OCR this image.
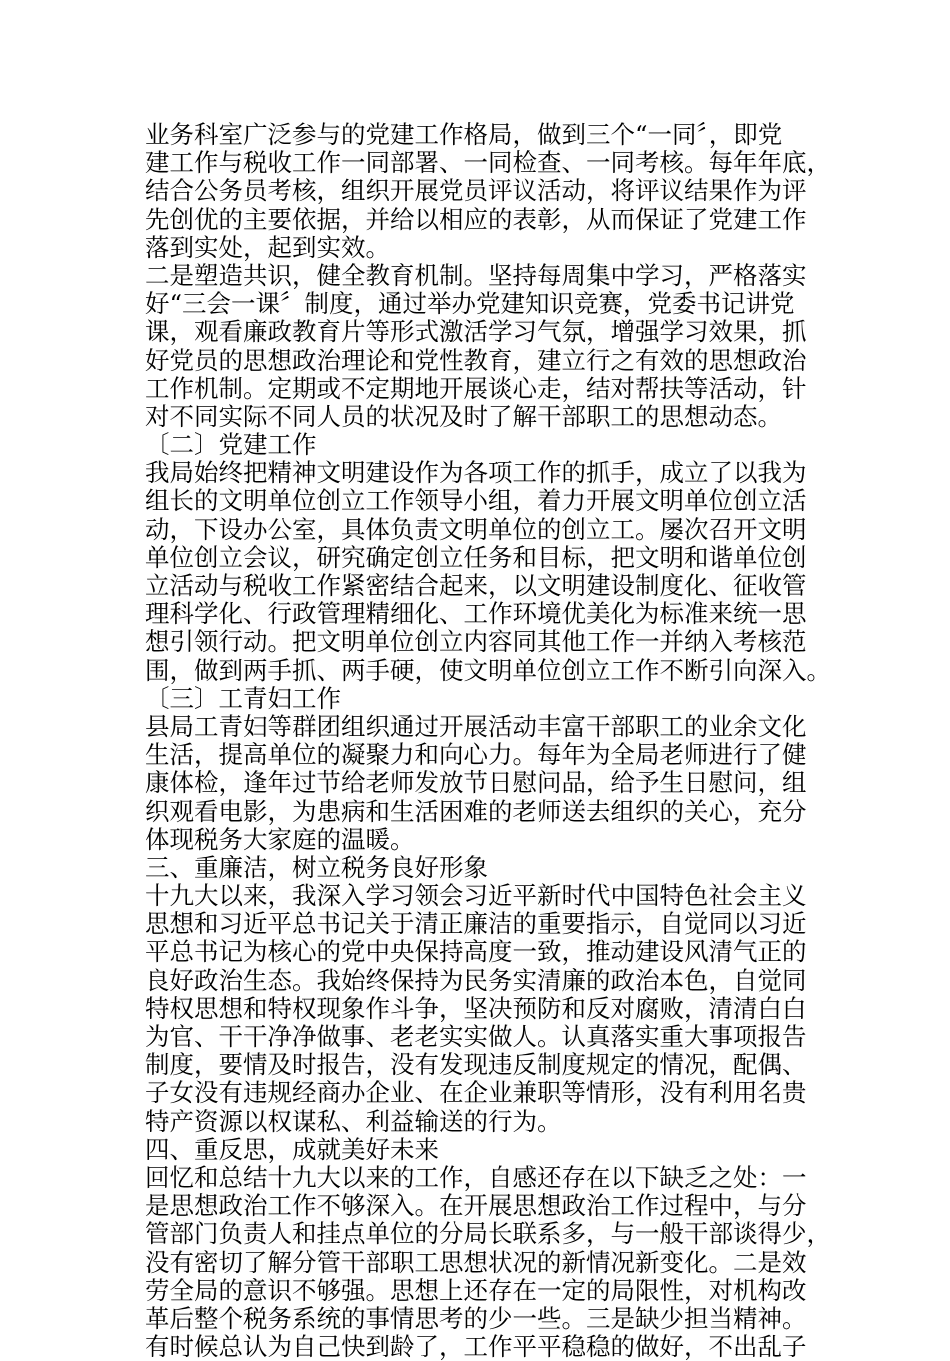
业务科室广泛参与的党建工作格局，做到三个“一同〞，即党
建工作与税收工作一同部署、一同检查、一同考核。每年年底，
结合公务员考核，组织开展党员评议活动，将评议结果作为评
先创优的主要依据，并给以相应的表彰，从而保证了党建工作
落到实处，起到实效。
二是塑造共识，健全教育机制。坚持每周集中学习，严格落实
好“三会一课〞制度，通过举办党建知识竞赛，党委书记讲党
课，观看廉政教育片等形式激活学习气氛，增强学习效果，抓
好党员的思想政治理论和党性教育，建立行之有效的思想政治
工作机制。定期或不定期地开展谈心走，结对帮扶等活动，针
对不同实际不同人员的状况及时了解干部职工的思想动态。
〔二〕党建工作
我局始终把精神文明建设作为各项工作的抓手，成立了以我为
组长的文明单位创立工作领导小组，着力开展文明单位创立活
动，下设办公室，具体负责文明单位的创立工。屡次召开文明
单位创立会议，研究确定创立任务和目标，把文明和谐单位创
立活动与税收工作紧密结合起来，以文明建设制度化、征收管
理科学化、行政管理精细化、工作环境优美化为标准来统一思
想引领行动。把文明单位创立内容同其他工作一并纳入考核范
围，做到两手抓、两手硬，使文明单位创立工作不断引向深入。
〔三〕工青妇工作
县局工青妇等群团组织通过开展活动丰富干部职工的业余文化
生活，提高单位的凝聚力和向心力。每年为全局老师进行了健
康体检，逢年过节给老师发放节日慰问品，给予生日慰问，组
织观看电影，为患病和生活困难的老师送去组织的关心，充分
体现税务大家庭的温暖。
三、重廉洁，树立税务良好形象
十九大以来，我深入学习领会习近平新时代中国特色社会主义
思想和习近平总书记关于清正廉洁的重要指示，自觉同以习近
平总书记为核心的党中央保持高度一致，推动建设风清气正的
良好政治生态。我始终保持为民务实清廉的政治本色，自觉同
特权思想和特权现象作斗争，坚决预防和反对腐败，清清白白
为官、干干净净做事、老老实实做人。认真落实重大事项报告
制度，要情及时报告，没有发现违反制度规定的情况，配偶、
子女没有违规经商办企业、在企业兼职等情形，没有利用名贵
特产资源以权谋私、利益输送的行为。
四、重反思，成就美好未来
回忆和总结十九大以来的工作，自感还存在以下缺乏之处：一
是思想政治工作不够深入。在开展思想政治工作过程中，与分
管部门负责人和挂点单位的分局长联系多，与一般干部谈得少，
没有密切了解分管干部职工思想状况的新情况新变化。二是效
劳全局的意识不够强。思想上还存在一定的局限性，对机构改
革后整个税务系统的事情思考的少一些。三是缺少担当精神。
有时候总认为自己快到龄了，工作平平稳稳的做好，不出乱子
